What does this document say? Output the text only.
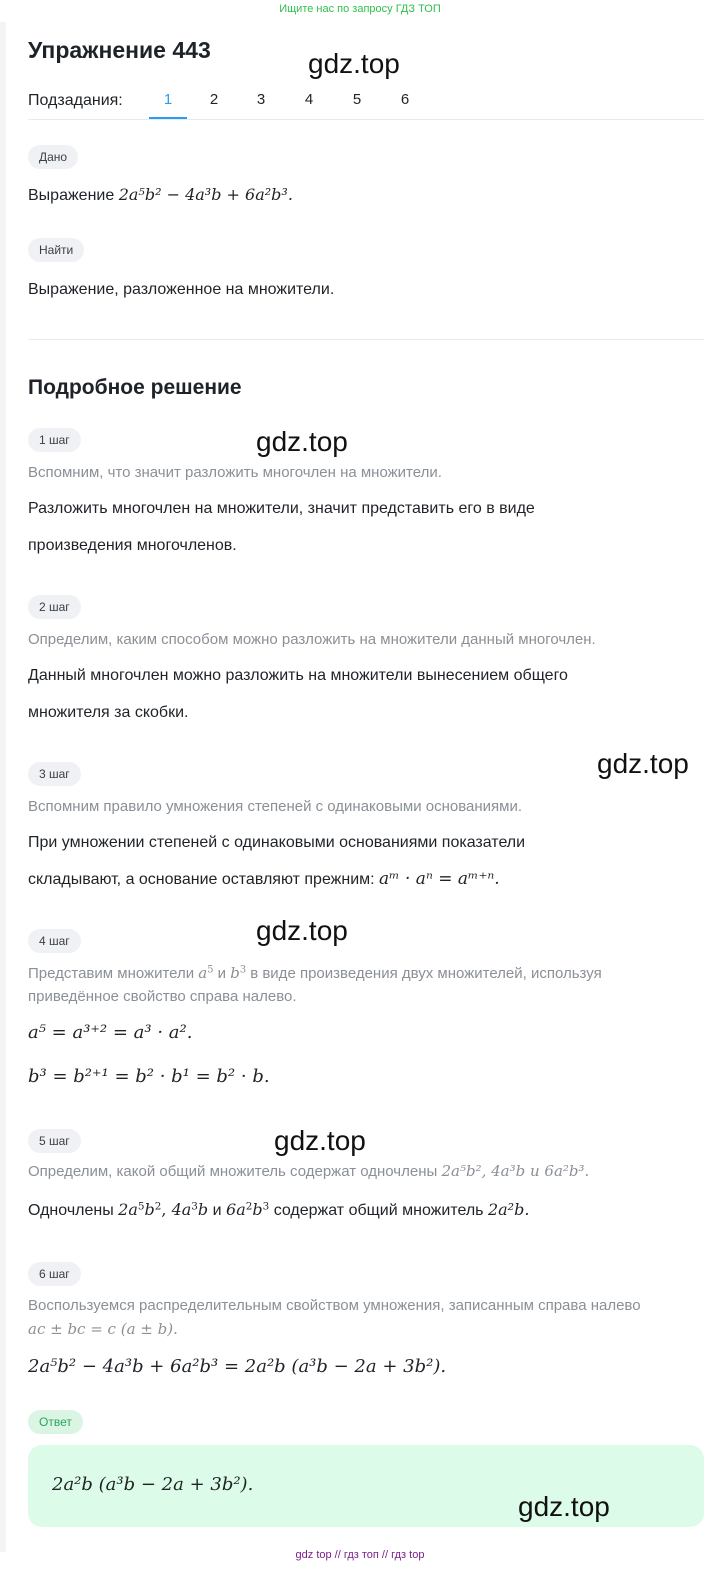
Ищите нас по запросу ГДЗ ТОП
Упражнение 443	gdz.top
Подзадания:	1	2	3	4	5	6
Дано
Выражение 2a⁵b² − 4a³b + 6a²b³.
Найти
Выражение, разложенное на множители.
Подробное решение
1 шаг	gdz.top
Вспомним, что значит разложить многочлен на множители.
Разложить многочлен на множители, значит представить его в виде
произведения многочленов.
2 шаг
Определим, каким способом можно разложить на множители данный многочлен.
Данный многочлен можно разложить на множители вынесением общего
множителя за скобки.
3 шаг	gdz.top
Вспомним правило умножения степеней с одинаковыми основаниями.
При умножении степеней с одинаковыми основаниями показатели
складывают, а основание оставляют прежним: aᵐ · aⁿ = aᵐ⁺ⁿ.
4 шаг	gdz.top
Представим множители $a^5$ и $b^3$ в виде произведения двух множителей, используя
приведённое свойство справа налево.
a⁵ = a³⁺² = a³ · a².
b³ = b²⁺¹ = b² · b¹ = b² · b.
5 шаг	gdz.top
Определим, какой общий множитель содержат одночлены 2a⁵b², 4a³b и 6a²b³.
Одночлены $2a^5b^2$, $4a^3b$ и $6a^2b^3$ содержат общий множитель 2a²b.
6 шаг
Воспользуемся распределительным свойством умножения, записанным справа налево
ac ± bc = c (a ± b).
2a⁵b² − 4a³b + 6a²b³ = 2a²b (a³b − 2a + 3b²).
Ответ
2a²b (a³b − 2a + 3b²).
gdz.top
gdz top // гдз топ // гдз top
